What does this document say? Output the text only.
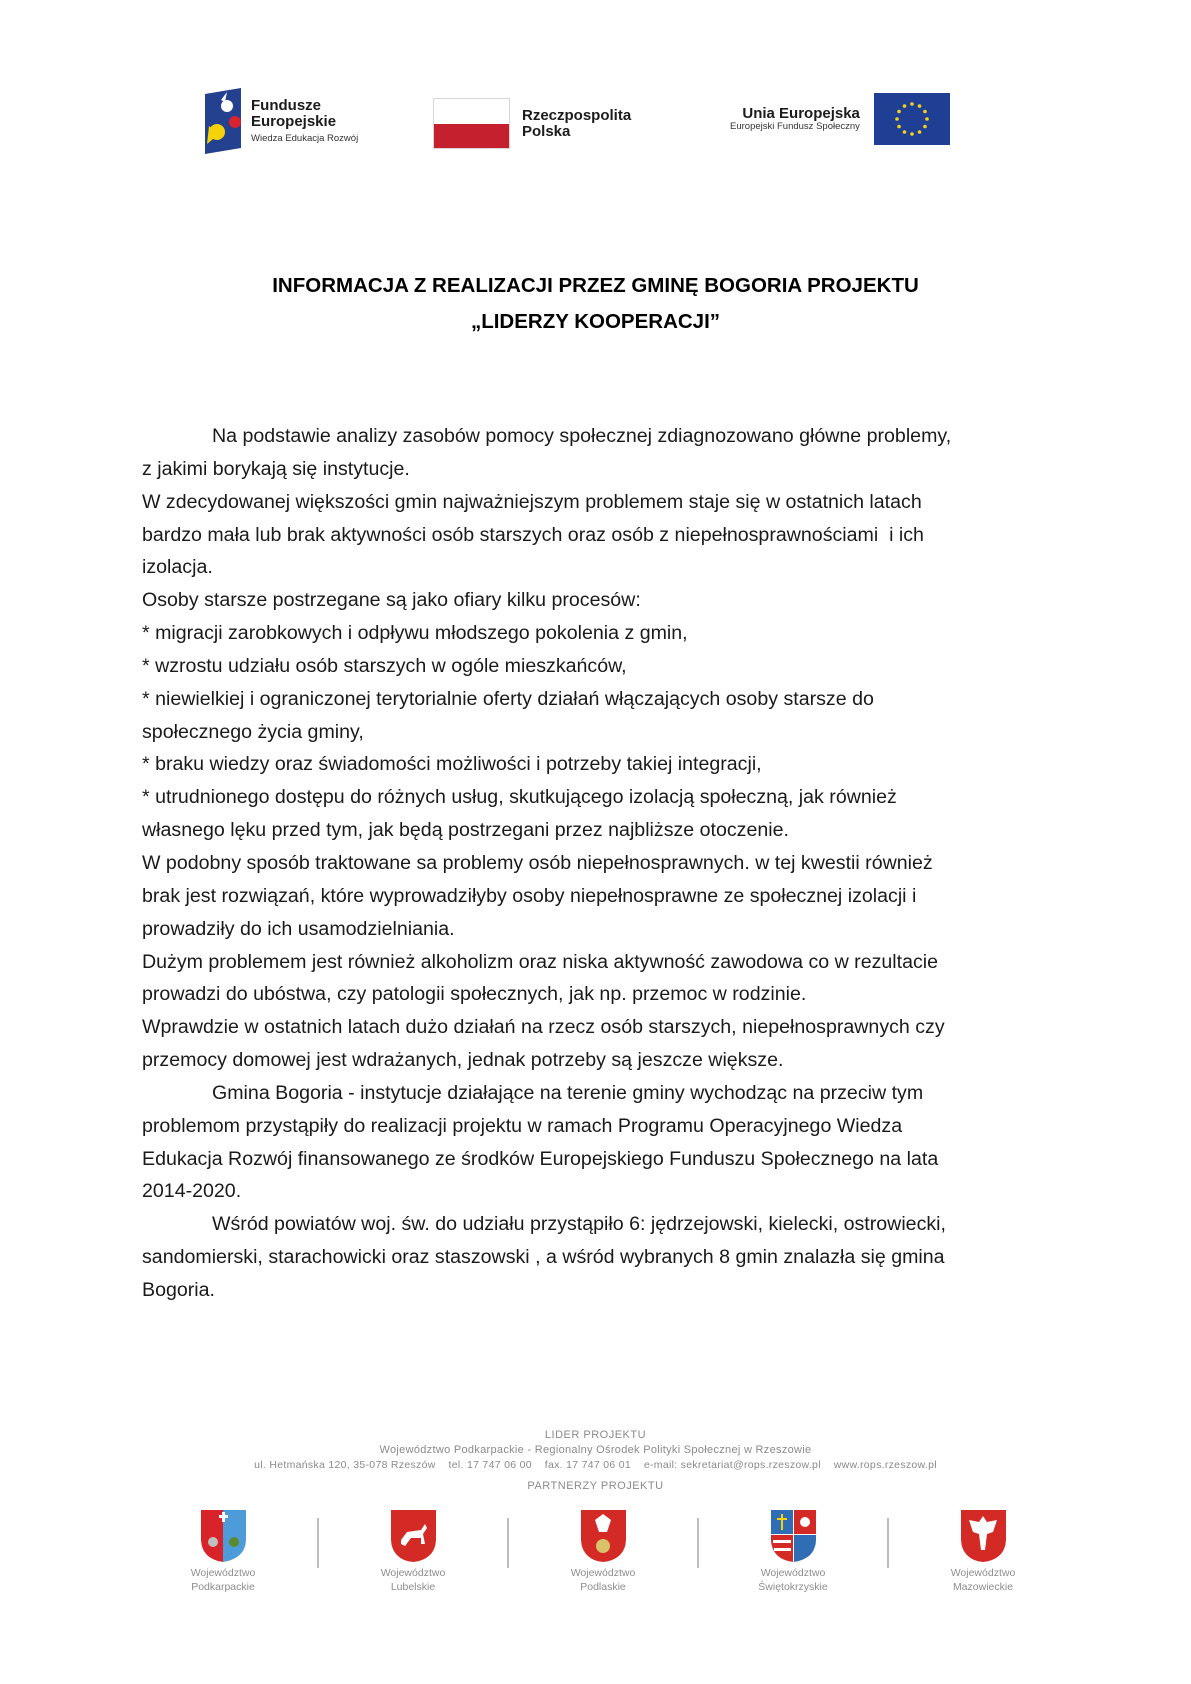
Fundusze
Europejskie
Wiedza Edukacja Rozwój
Rzeczpospolita
Polska
Unia Europejska
Europejski Fundusz Społeczny
INFORMACJA Z REALIZACJI PRZEZ GMINĘ BOGORIA PROJEKTU
„LIDERZY KOOPERACJI”
Na podstawie analizy zasobów pomocy społecznej zdiagnozowano główne problemy,
z jakimi borykają się instytucje.
W zdecydowanej większości gmin najważniejszym problemem staje się w ostatnich latach
bardzo mała lub brak aktywności osób starszych oraz osób z niepełnosprawnościami  i ich
izolacja.
Osoby starsze postrzegane są jako ofiary kilku procesów:
* migracji zarobkowych i odpływu młodszego pokolenia z gmin,
* wzrostu udziału osób starszych w ogóle mieszkańców,
* niewielkiej i ograniczonej terytorialnie oferty działań włączających osoby starsze do
społecznego życia gminy,
* braku wiedzy oraz świadomości możliwości i potrzeby takiej integracji,
* utrudnionego dostępu do różnych usług, skutkującego izolacją społeczną, jak również
własnego lęku przed tym, jak będą postrzegani przez najbliższe otoczenie.
W podobny sposób traktowane sa problemy osób niepełnosprawnych. w tej kwestii również
brak jest rozwiązań, które wyprowadziłyby osoby niepełnosprawne ze społecznej izolacji i
prowadziły do ich usamodzielniania.
Dużym problemem jest również alkoholizm oraz niska aktywność zawodowa co w rezultacie
prowadzi do ubóstwa, czy patologii społecznych, jak np. przemoc w rodzinie.
Wprawdzie w ostatnich latach dużo działań na rzecz osób starszych, niepełnosprawnych czy
przemocy domowej jest wdrażanych, jednak potrzeby są jeszcze większe.
Gmina Bogoria - instytucje działające na terenie gminy wychodząc na przeciw tym
problemom przystąpiły do realizacji projektu w ramach Programu Operacyjnego Wiedza
Edukacja Rozwój finansowanego ze środków Europejskiego Funduszu Społecznego na lata
2014-2020.
Wśród powiatów woj. św. do udziału przystąpiło 6: jędrzejowski, kielecki, ostrowiecki,
sandomierski, starachowicki oraz staszowski , a wśród wybranych 8 gmin znalazła się gmina
Bogoria.
LIDER PROJEKTU
Województwo Podkarpackie - Regionalny Ośrodek Polityki Społecznej w Rzeszowie
ul. Hetmańska 120, 35-078 Rzeszów tel. 17 747 06 00 fax. 17 747 06 01 e-mail: sekretariat@rops.rzeszow.pl www.rops.rzeszow.pl
PARTNERZY PROJEKTU
Województwo
Podkarpackie
Województwo
Lubelskie
Województwo
Podlaskie
Województwo
Świętokrzyskie
Województwo
Mazowieckie
